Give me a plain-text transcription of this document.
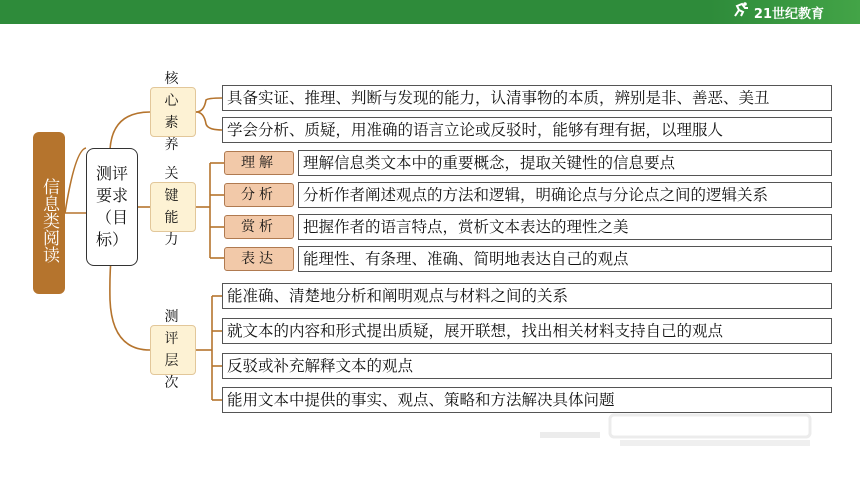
21世纪教育
信息类阅读
测评要求（目标）
核心素养
关键能力
测评层次
具备实证、推理、判断与发现的能力，认清事物的本质，辨别是非、善恶、美丑
学会分析、质疑，用准确的语言立论或反驳时，能够有理有据，以理服人
理解	理解信息类文本中的重要概念，提取关键性的信息要点
分析	分析作者阐述观点的方法和逻辑，明确论点与分论点之间的逻辑关系
赏析	把握作者的语言特点，赏析文本表达的理性之美
表达	能理性、有条理、准确、简明地表达自己的观点
能准确、清楚地分析和阐明观点与材料之间的关系
就文本的内容和形式提出质疑，展开联想，找出相关材料支持自己的观点
反驳或补充解释文本的观点
能用文本中提供的事实、观点、策略和方法解决具体问题
